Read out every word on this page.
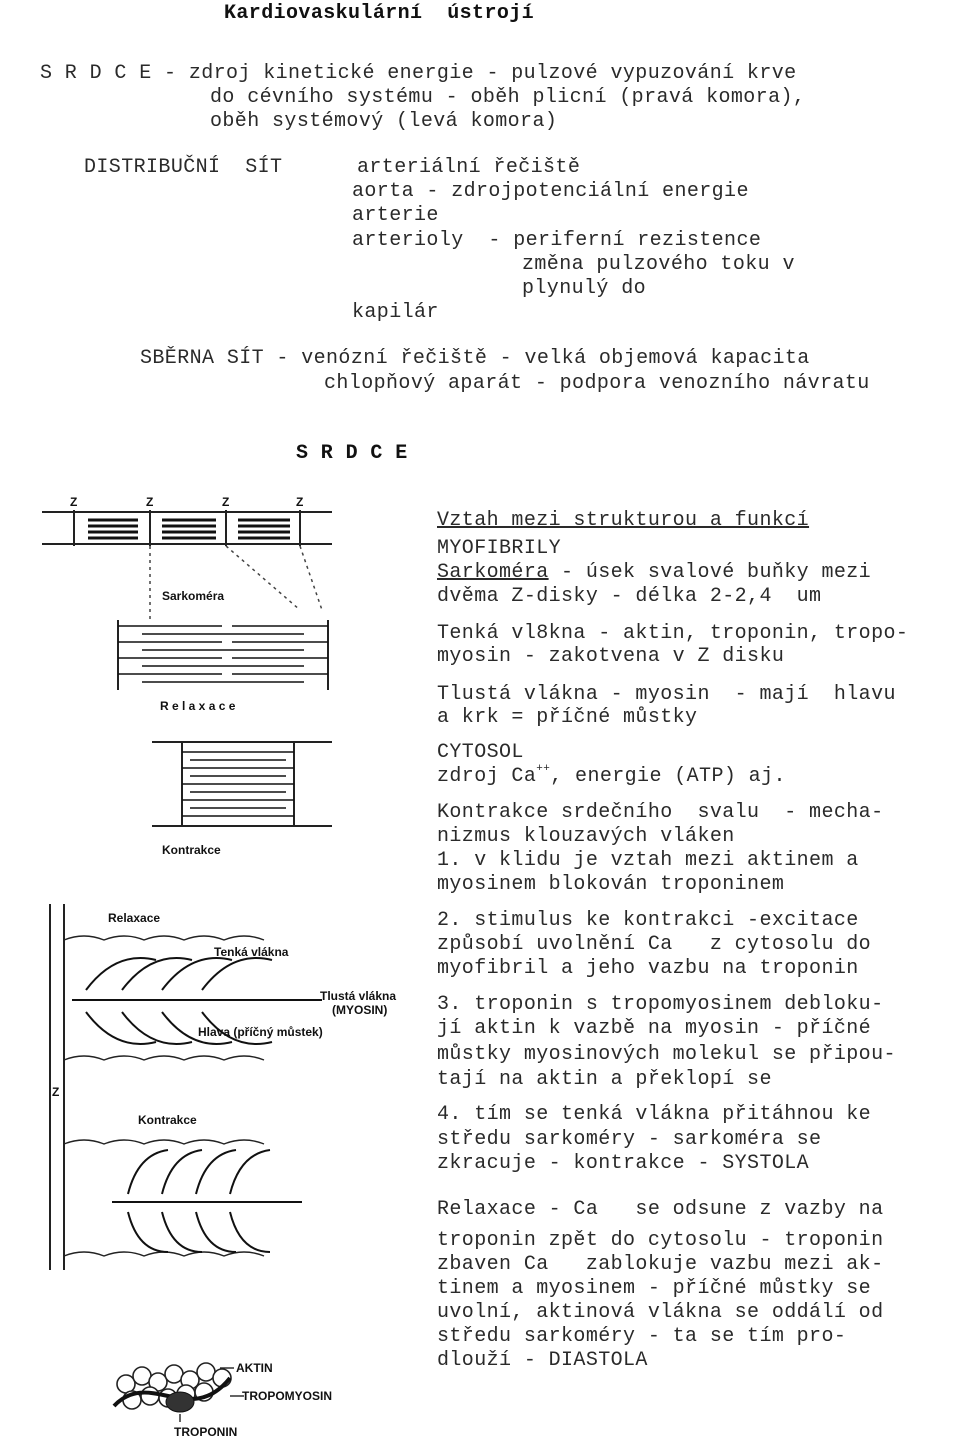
Kardiovaskulární  ústrojí

S R D C E - zdroj kinetické energie - pulzové vypuzování krve

do cévního systému - oběh plicní (pravá komora),

oběh systémový (levá komora)

DISTRIBUČNÍ  SÍT	arteriální řečiště

aorta - zdrojpotenciální energie

arterie

arterioly  - periferní rezistence

změna pulzového toku v

plynulý do

kapilár

SBĚRNA SÍT - venózní řečiště - velká objemová kapacita

chlopňový aparát - podpora venozního návratu

S R D C E

Vztah mezi strukturou a funkcí

MYOFIBRILY

Sarkoméra - úsek svalové buňky mezi

dvěma Z-disky - délka 2-2,4  um

Tenká vl8kna - aktin, troponin, tropo-

myosin - zakotvena v Z disku

Tlustá vlákna - myosin  - mají  hlavu

a krk = příčné můstky

CYTOSOL

zdroj Ca++, energie (ATP) aj.

Kontrakce srdečního  svalu  - mecha-

nizmus klouzavých vláken

1. v klidu je vztah mezi aktinem a

myosinem blokován troponinem

2. stimulus ke kontrakci -excitace

způsobí uvolnění Ca   z cytosolu do

myofibril a jeho vazbu na troponin

3. troponin s tropomyosinem debloku-

jí aktin k vazbě na myosin - příčné

můstky myosinových molekul se připou-

tají na aktin a překlopí se

4. tím se tenká vlákna přitáhnou ke

středu sarkoméry - sarkoméra se

zkracuje - kontrakce - SYSTOLA

Relaxace - Ca   se odsune z vazby na

troponin zpět do cytosolu - troponin

zbaven Ca   zablokuje vazbu mezi ak-

tinem a myosinem - příčné můstky se

uvolní, aktinová vlákna se oddálí od

středu sarkoméry - ta se tím pro-

dlouží - DIASTOLA

Z	Z	Z	Z
Sarkoméra
R e l a x a c e
Kontrakce
Relaxace
Tenká vlákna
Tlustá vlákna
(MYOSIN)
Hlava (příčný můstek)
Z
Kontrakce
AKTIN
TROPOMYOSIN
TROPONIN
